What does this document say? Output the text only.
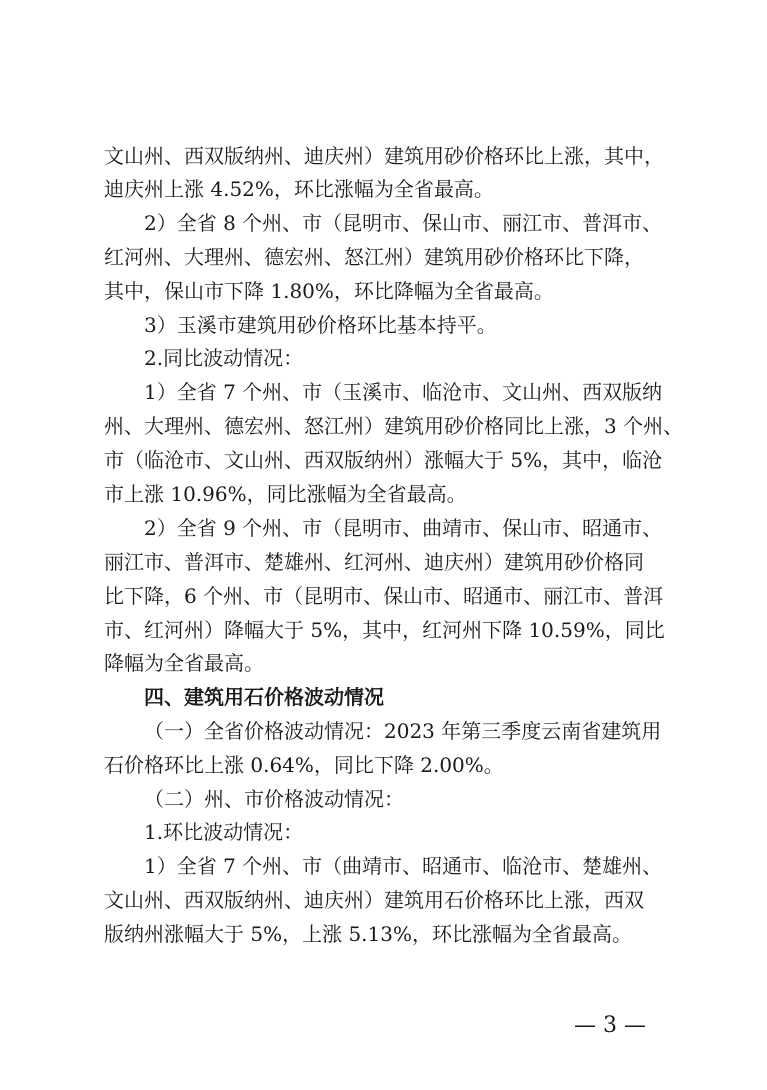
文山州、西双版纳州、迪庆州）建筑用砂价格环比上涨，其中，
迪庆州上涨 4.52%，环比涨幅为全省最高。
2）全省 8 个州、市（昆明市、保山市、丽江市、普洱市、
红河州、大理州、德宏州、怒江州）建筑用砂价格环比下降，
其中，保山市下降 1.80%，环比降幅为全省最高。
3）玉溪市建筑用砂价格环比基本持平。
2.同比波动情况：
1）全省 7 个州、市（玉溪市、临沧市、文山州、西双版纳
州、大理州、德宏州、怒江州）建筑用砂价格同比上涨，3 个州、
市（临沧市、文山州、西双版纳州）涨幅大于 5%，其中，临沧
市上涨 10.96%，同比涨幅为全省最高。
2）全省 9 个州、市（昆明市、曲靖市、保山市、昭通市、
丽江市、普洱市、楚雄州、红河州、迪庆州）建筑用砂价格同
比下降，6 个州、市（昆明市、保山市、昭通市、丽江市、普洱
市、红河州）降幅大于 5%，其中，红河州下降 10.59%，同比
降幅为全省最高。
四、建筑用石价格波动情况
（一）全省价格波动情况：2023 年第三季度云南省建筑用
石价格环比上涨 0.64%，同比下降 2.00%。
（二）州、市价格波动情况：
1.环比波动情况：
1）全省 7 个州、市（曲靖市、昭通市、临沧市、楚雄州、
文山州、西双版纳州、迪庆州）建筑用石价格环比上涨，西双
版纳州涨幅大于 5%，上涨 5.13%，环比涨幅为全省最高。
— 3 —
